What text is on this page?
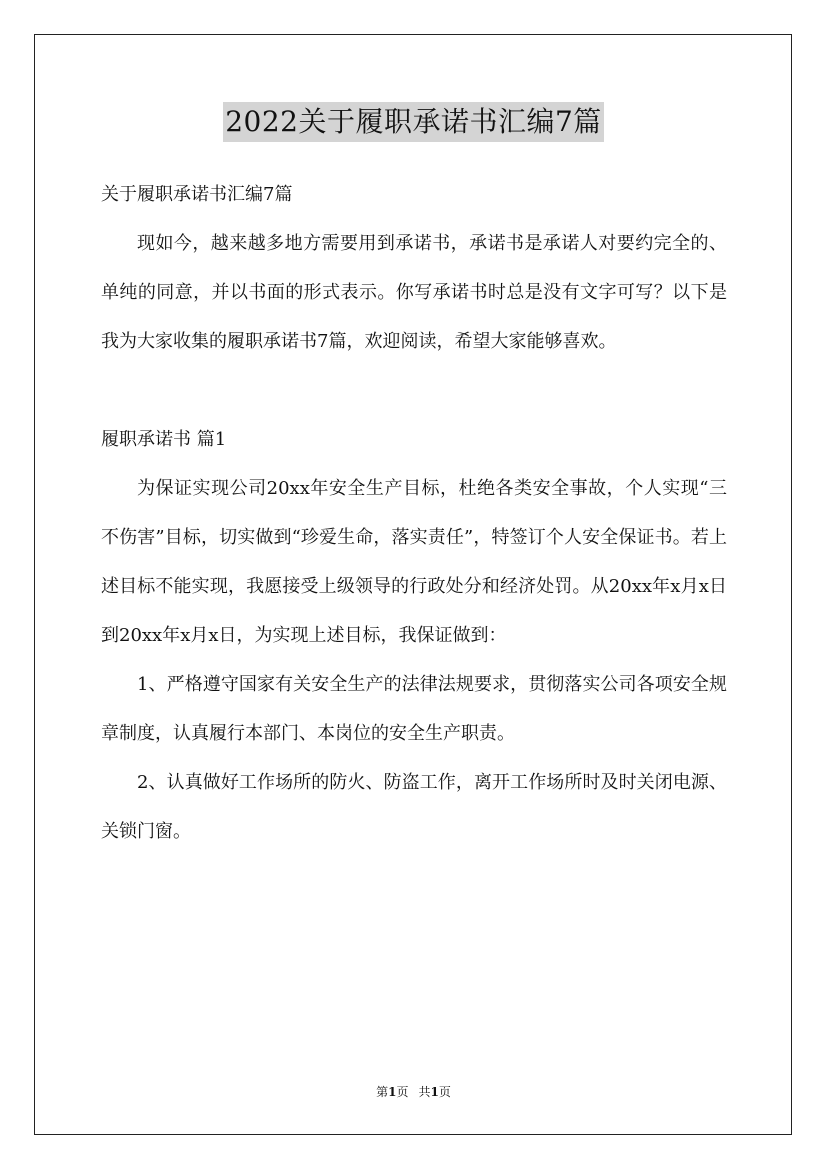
2022关于履职承诺书汇编7篇

关于履职承诺书汇编7篇

现如今，越来越多地方需要用到承诺书，承诺书是承诺人对要约完全的、单纯的同意，并以书面的形式表示。你写承诺书时总是没有文字可写？以下是我为大家收集的履职承诺书7篇，欢迎阅读，希望大家能够喜欢。

履职承诺书 篇1

为保证实现公司20xx年安全生产目标，杜绝各类安全事故，个人实现“三不伤害”目标，切实做到“珍爱生命，落实责任”，特签订个人安全保证书。若上述目标不能实现，我愿接受上级领导的行政处分和经济处罚。从20xx年x月x日到20xx年x月x日，为实现上述目标，我保证做到：

1、严格遵守国家有关安全生产的法律法规要求，贯彻落实公司各项安全规章制度，认真履行本部门、本岗位的安全生产职责。

2、认真做好工作场所的防火、防盗工作，离开工作场所时及时关闭电源、关锁门窗。

第1页 共1页
